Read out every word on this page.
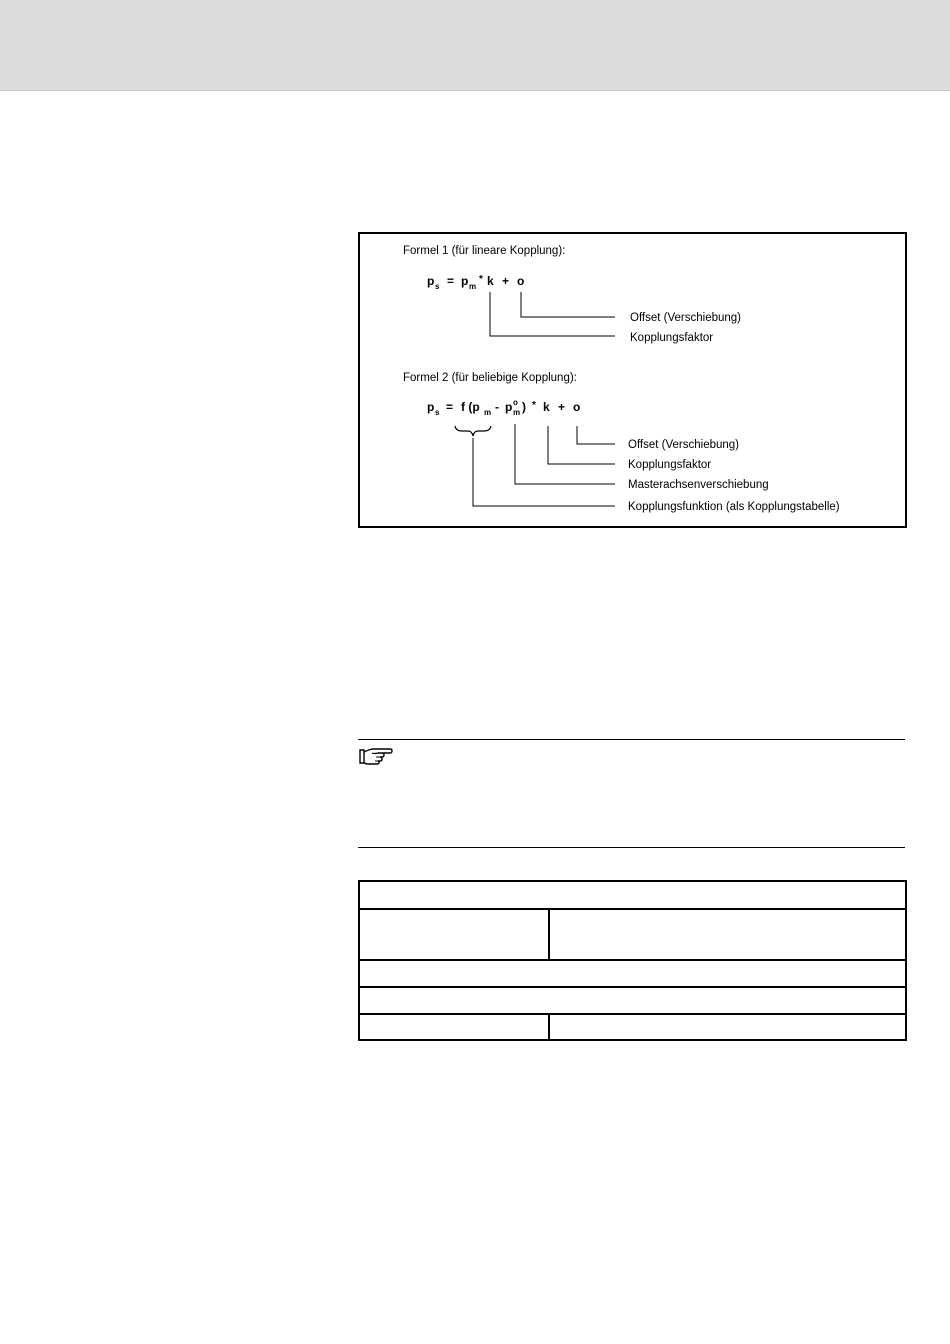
Formel 1 (für lineare Kopplung):
p s = p m
* k + o
Offset (Verschiebung)
Kopplungsfaktor
Formel 2 (für beliebige Kopplung):
p s = f (p m - p o
m ) * k + o
Offset (Verschiebung)
Kopplungsfaktor
Masterachsenverschiebung
Kopplungsfunktion (als Kopplungstabelle)
